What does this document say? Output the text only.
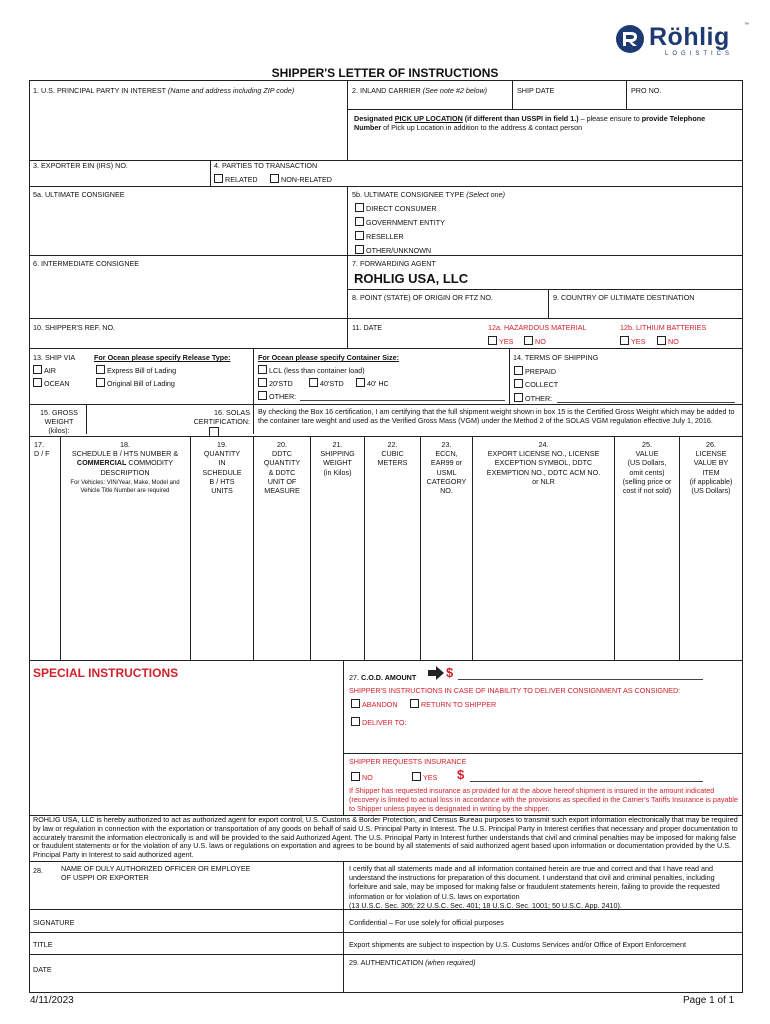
Röhlig	™
LOGISTICS
SHIPPER'S LETTER OF INSTRUCTIONS
1. U.S. PRINCIPAL PARTY IN INTEREST (Name and address including ZIP code)	2. INLAND CARRIER (See note #2 below)	SHIP DATE	PRO NO.
Designated PICK UP LOCATION (if different than USSPI in field 1.) – please ensure to provide Telephone Number of Pick up Location in addition to the address & contact person
3. EXPORTER EIN (IRS) NO.	4. PARTIES TO TRANSACTION
RELATED	NON-RELATED
5a. ULTIMATE CONSIGNEE	5b. ULTIMATE CONSIGNEE TYPE (Select one)
DIRECT CONSUMER
GOVERNMENT ENTITY
RESELLER
OTHER/UNKNOWN
6. INTERMEDIATE CONSIGNEE	7. FORWARDING AGENT
ROHLIG USA, LLC
8. POINT (STATE) OF ORIGIN OR FTZ NO.	9. COUNTRY OF ULTIMATE DESTINATION
10. SHIPPER'S REF. NO.	11. DATE	12a. HAZARDOUS MATERIAL
YES	NO
12b. LITHIUM BATTERIES
YES	NO
13. SHIP VIA
AIR
OCEAN
For Ocean please specify Release Type:
Express Bill of Lading
Original Bill of Lading
For Ocean please specify Container Size:
LCL (less than container load)
20'STD	40'STD	40' HC
OTHER:
14. TERMS OF SHIPPING
PREPAID
COLLECT
OTHER:
15. GROSS WEIGHT (kilos):
16. SOLAS CERTIFICATION:
By checking the Box 16 certification, I am certifying that the full shipment weight shown in box 15 is the Certified Gross Weight which may be added to the container tare weight and used as the Verified Gross Mass (VGM) under the Method 2 of the SOLAS VGM regulation effective July 1, 2016.
17.
D / F
18.
SCHEDULE B / HTS NUMBER &
COMMERCIAL COMMODITY
DESCRIPTION
For Vehicles: VIN/Year, Make, Model and Vehicle Title Number are required
19.
QUANTITY
IN
SCHEDULE
B / HTS
UNITS
20.
DDTC
QUANTITY
& DDTC
UNIT OF
MEASURE
21.
SHIPPING
WEIGHT
(in Kilos)
22.
CUBIC
METERS
23.
ECCN,
EAR99 or
USML
CATEGORY
NO.
24.
EXPORT LICENSE NO., LICENSE
EXCEPTION SYMBOL, DDTC
EXEMPTION NO., DDTC ACM NO.
or NLR
25.
VALUE
(US Dollars,
omit cents)
(selling price or
cost if not sold)
26.
LICENSE
VALUE BY
ITEM
(if applicable)
(US Dollars)
SPECIAL INSTRUCTIONS	27. C.O.D. AMOUNT $
SHIPPER'S INSTRUCTIONS IN CASE OF INABILITY TO DELIVER CONSIGNMENT AS CONSIGNED:
ABANDON	RETURN TO SHIPPER
DELIVER TO:
SHIPPER REQUESTS INSURANCE
NO	YES $
If Shipper has requested insurance as provided for at the above hereof shipment is insured in the amount indicated (recovery is limited to actual loss in accordance with the provisions as specified in the Carrier's Tariffs Insurance is payable to Shipper unless payee is designated in writing by the shipper.
ROHLIG USA, LLC is hereby authorized to act as authorized agent for export control, U.S. Customs & Border Protection, and Census Bureau purposes to transmit such export information electronically that may be required by law or regulation in connection with the exportation or transportation of any goods on behalf of said U.S. Principal Party in Interest. The U.S. Principal Party in Interest certifies that necessary and proper documentation to accurately transmit the information electronically is and will be provided to the said Authorized Agent. The U.S. Principal Party in Interest further understands that civil and criminal penalties may be imposed for making false or fraudulent statements or for the violation of any U.S. laws or regulations on exportation and agrees to be bound by all statements of said authorized agent based upon information or documentation provided by the U.S. Principal Party in Interest to said authorized agent.
28.	NAME OF DULY AUTHORIZED OFFICER OR EMPLOYEE
OF USPPI OR EXPORTER
I certify that all statements made and all information contained herein are true and correct and that I have read and understand the instructions for preparation of this document. I understand that civil and criminal penalties, including forfeiture and sale, may be imposed for making false or fraudulent statements herein, failing to provide the requested information or for violation of U.S. laws on exportation
(13 U.S.C. Sec. 305; 22 U.S.C. Sec. 401; 18 U.S.C. Sec. 1001; 50 U.S.C. App. 2410).
SIGNATURE	Confidential – For use solely for official purposes
TITLE	Export shipments are subject to inspection by U.S. Customs Services and/or Office of Export Enforcement
DATE
29. AUTHENTICATION (when required)
4/11/2023	Page 1 of 1
